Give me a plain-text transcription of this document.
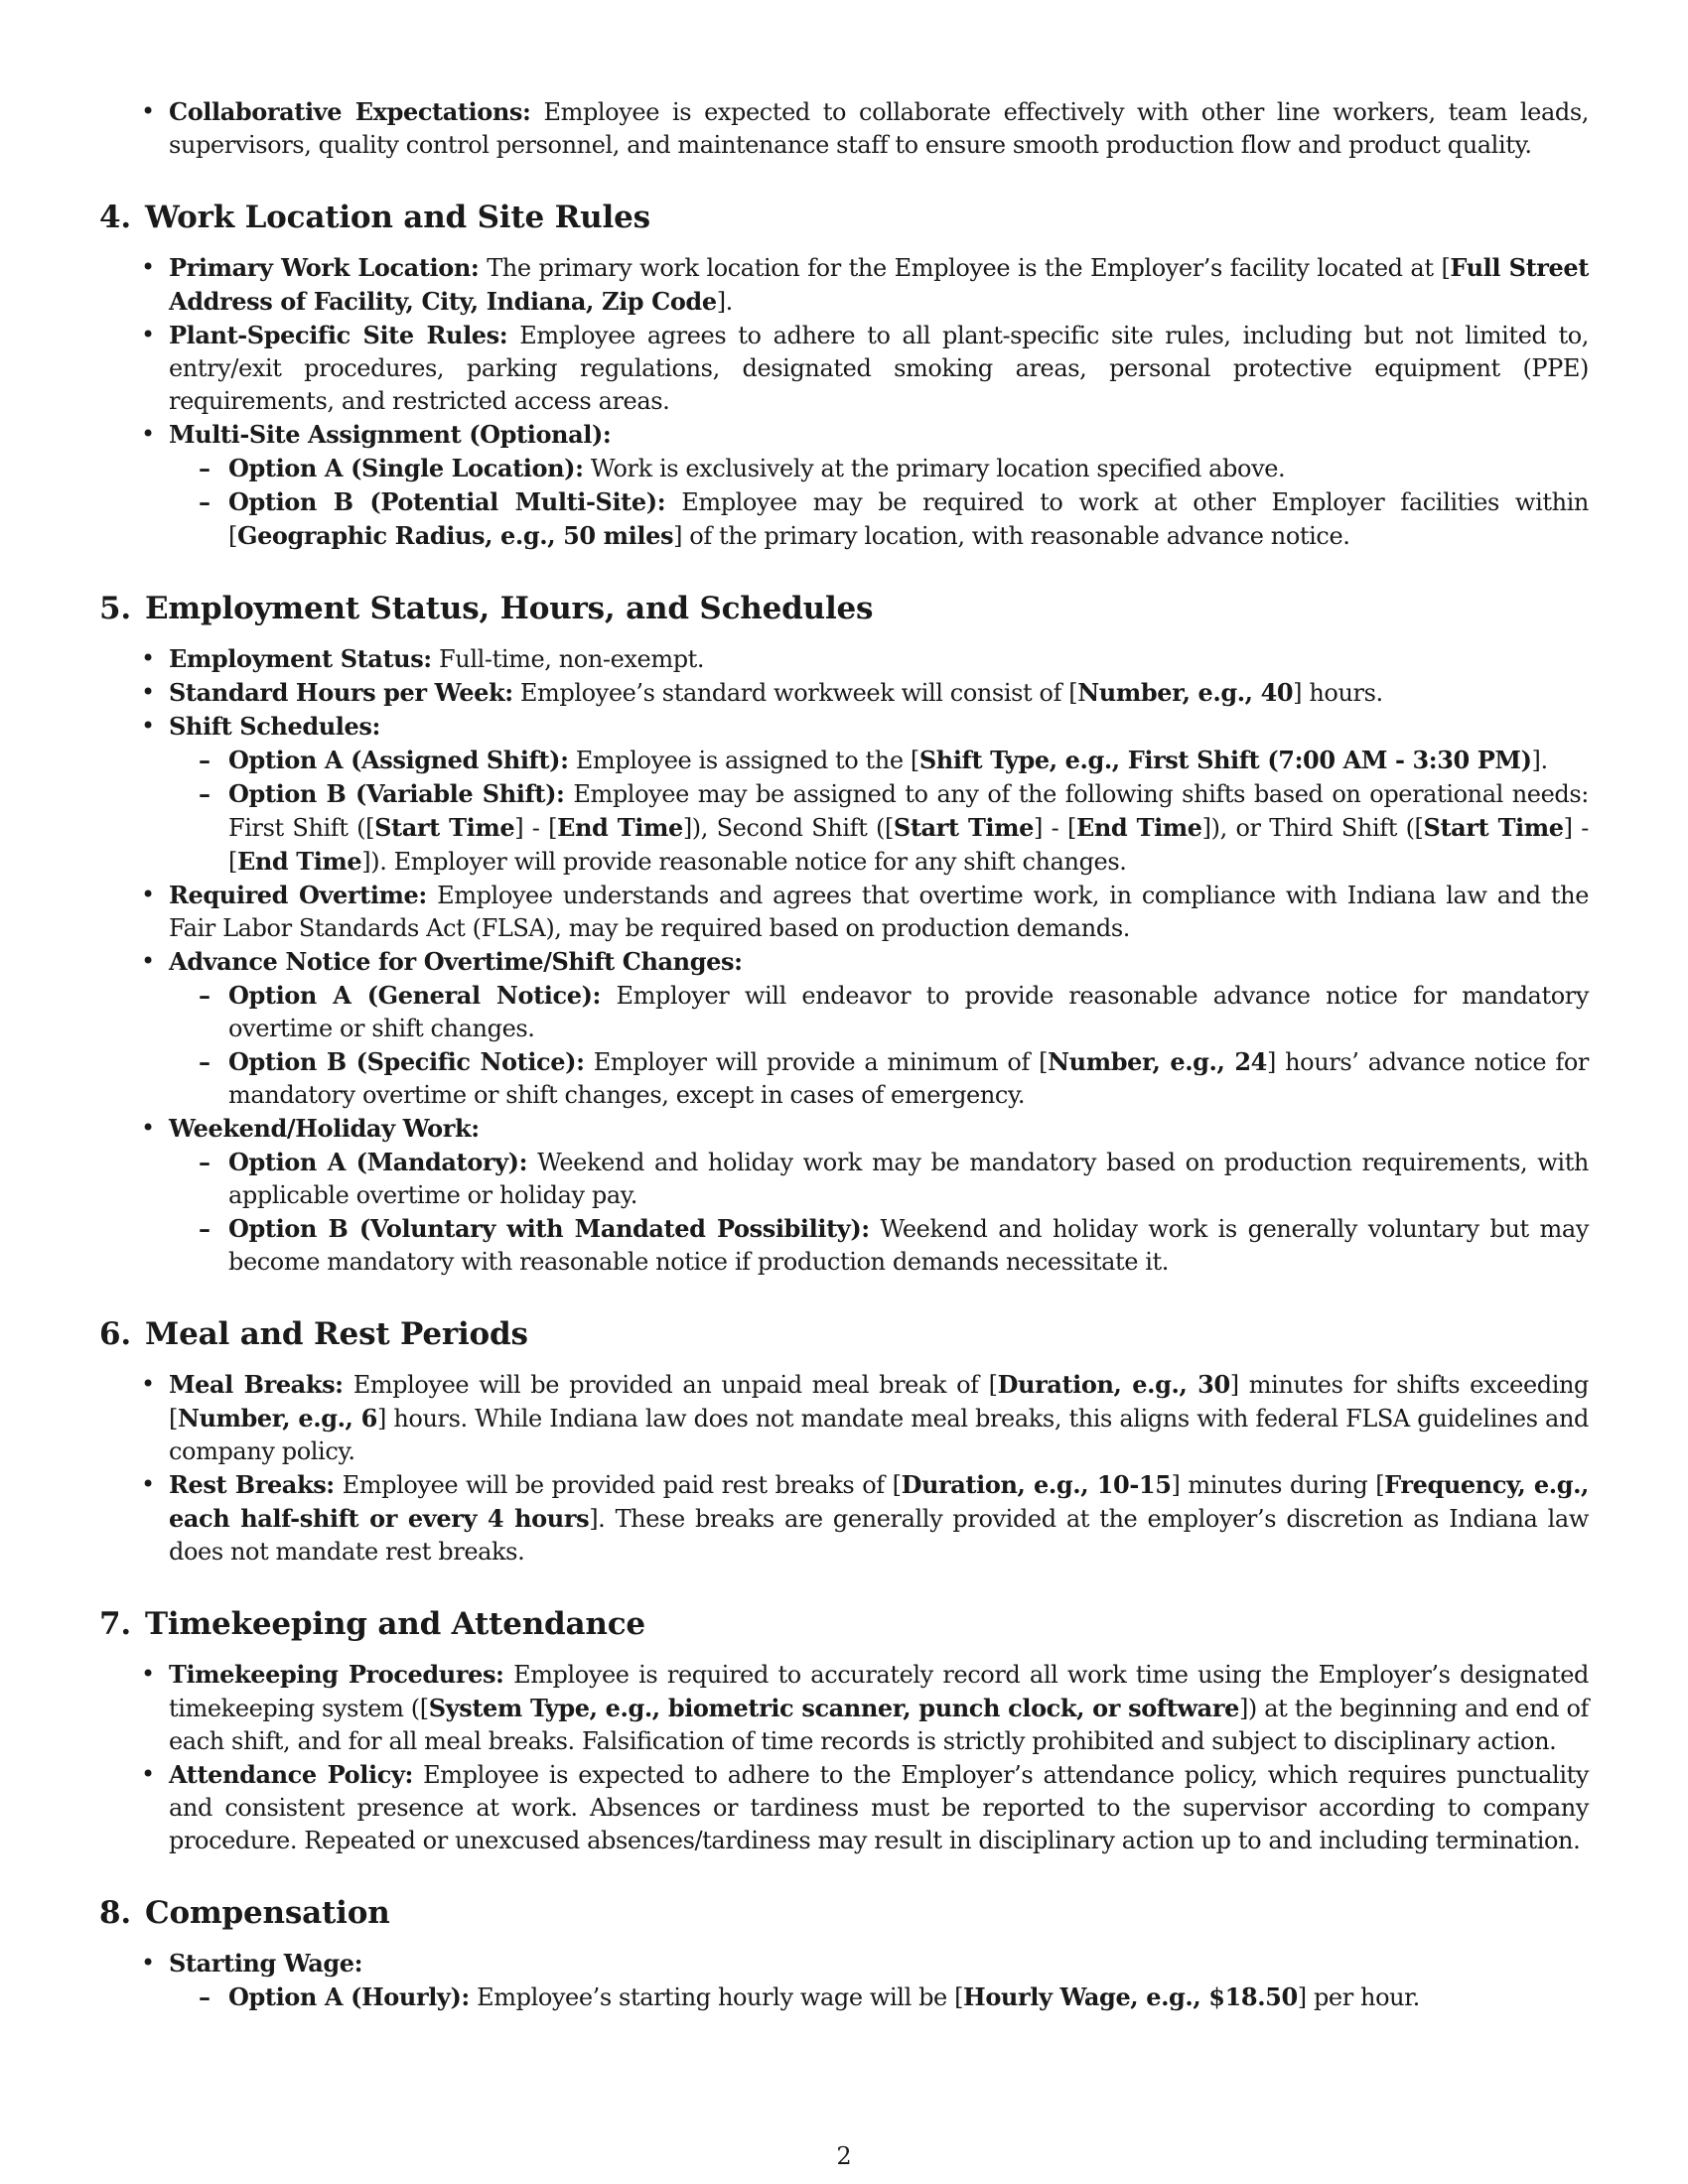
• Collaborative Expectations: Employee is expected to collaborate effectively with other line workers, team leads, supervisors, quality control personnel, and maintenance staff to ensure smooth production flow and product quality.
4. Work Location and Site Rules
• Primary Work Location: The primary work location for the Employee is the Employer’s facility located at [Full Street Address of Facility, City, Indiana, Zip Code].
• Plant-Specific Site Rules: Employee agrees to adhere to all plant-specific site rules, including but not limited to, entry/exit procedures, parking regulations, designated smoking areas, personal protective equipment (PPE) requirements, and restricted access areas.
• Multi-Site Assignment (Optional):
– Option A (Single Location): Work is exclusively at the primary location specified above.
– Option B (Potential Multi-Site): Employee may be required to work at other Employer facilities within [Geographic Radius, e.g., 50 miles] of the primary location, with reasonable advance notice.
5. Employment Status, Hours, and Schedules
• Employment Status: Full-time, non-exempt.
• Standard Hours per Week: Employee’s standard workweek will consist of [Number, e.g., 40] hours.
• Shift Schedules:
– Option A (Assigned Shift): Employee is assigned to the [Shift Type, e.g., First Shift (7:00 AM - 3:30 PM)].
– Option B (Variable Shift): Employee may be assigned to any of the following shifts based on operational needs: First Shift ([Start Time] - [End Time]), Second Shift ([Start Time] - [End Time]), or Third Shift ([Start Time] - [End Time]). Employer will provide reasonable notice for any shift changes.
• Required Overtime: Employee understands and agrees that overtime work, in compliance with Indiana law and the Fair Labor Standards Act (FLSA), may be required based on production demands.
• Advance Notice for Overtime/Shift Changes:
– Option A (General Notice): Employer will endeavor to provide reasonable advance notice for mandatory overtime or shift changes.
– Option B (Specific Notice): Employer will provide a minimum of [Number, e.g., 24] hours’ advance notice for mandatory overtime or shift changes, except in cases of emergency.
• Weekend/Holiday Work:
– Option A (Mandatory): Weekend and holiday work may be mandatory based on production requirements, with applicable overtime or holiday pay.
– Option B (Voluntary with Mandated Possibility): Weekend and holiday work is generally voluntary but may become mandatory with reasonable notice if production demands necessitate it.
6. Meal and Rest Periods
• Meal Breaks: Employee will be provided an unpaid meal break of [Duration, e.g., 30] minutes for shifts exceeding [Number, e.g., 6] hours. While Indiana law does not mandate meal breaks, this aligns with federal FLSA guidelines and company policy.
• Rest Breaks: Employee will be provided paid rest breaks of [Duration, e.g., 10-15] minutes during [Frequency, e.g., each half-shift or every 4 hours]. These breaks are generally provided at the employer’s discretion as Indiana law does not mandate rest breaks.
7. Timekeeping and Attendance
• Timekeeping Procedures: Employee is required to accurately record all work time using the Employer’s designated timekeeping system ([System Type, e.g., biometric scanner, punch clock, or software]) at the beginning and end of each shift, and for all meal breaks. Falsification of time records is strictly prohibited and subject to disciplinary action.
• Attendance Policy: Employee is expected to adhere to the Employer’s attendance policy, which requires punctuality and consistent presence at work. Absences or tardiness must be reported to the supervisor according to company procedure. Repeated or unexcused absences/tardiness may result in disciplinary action up to and including termination.
8. Compensation
• Starting Wage:
– Option A (Hourly): Employee’s starting hourly wage will be [Hourly Wage, e.g., $18.50] per hour.
2
